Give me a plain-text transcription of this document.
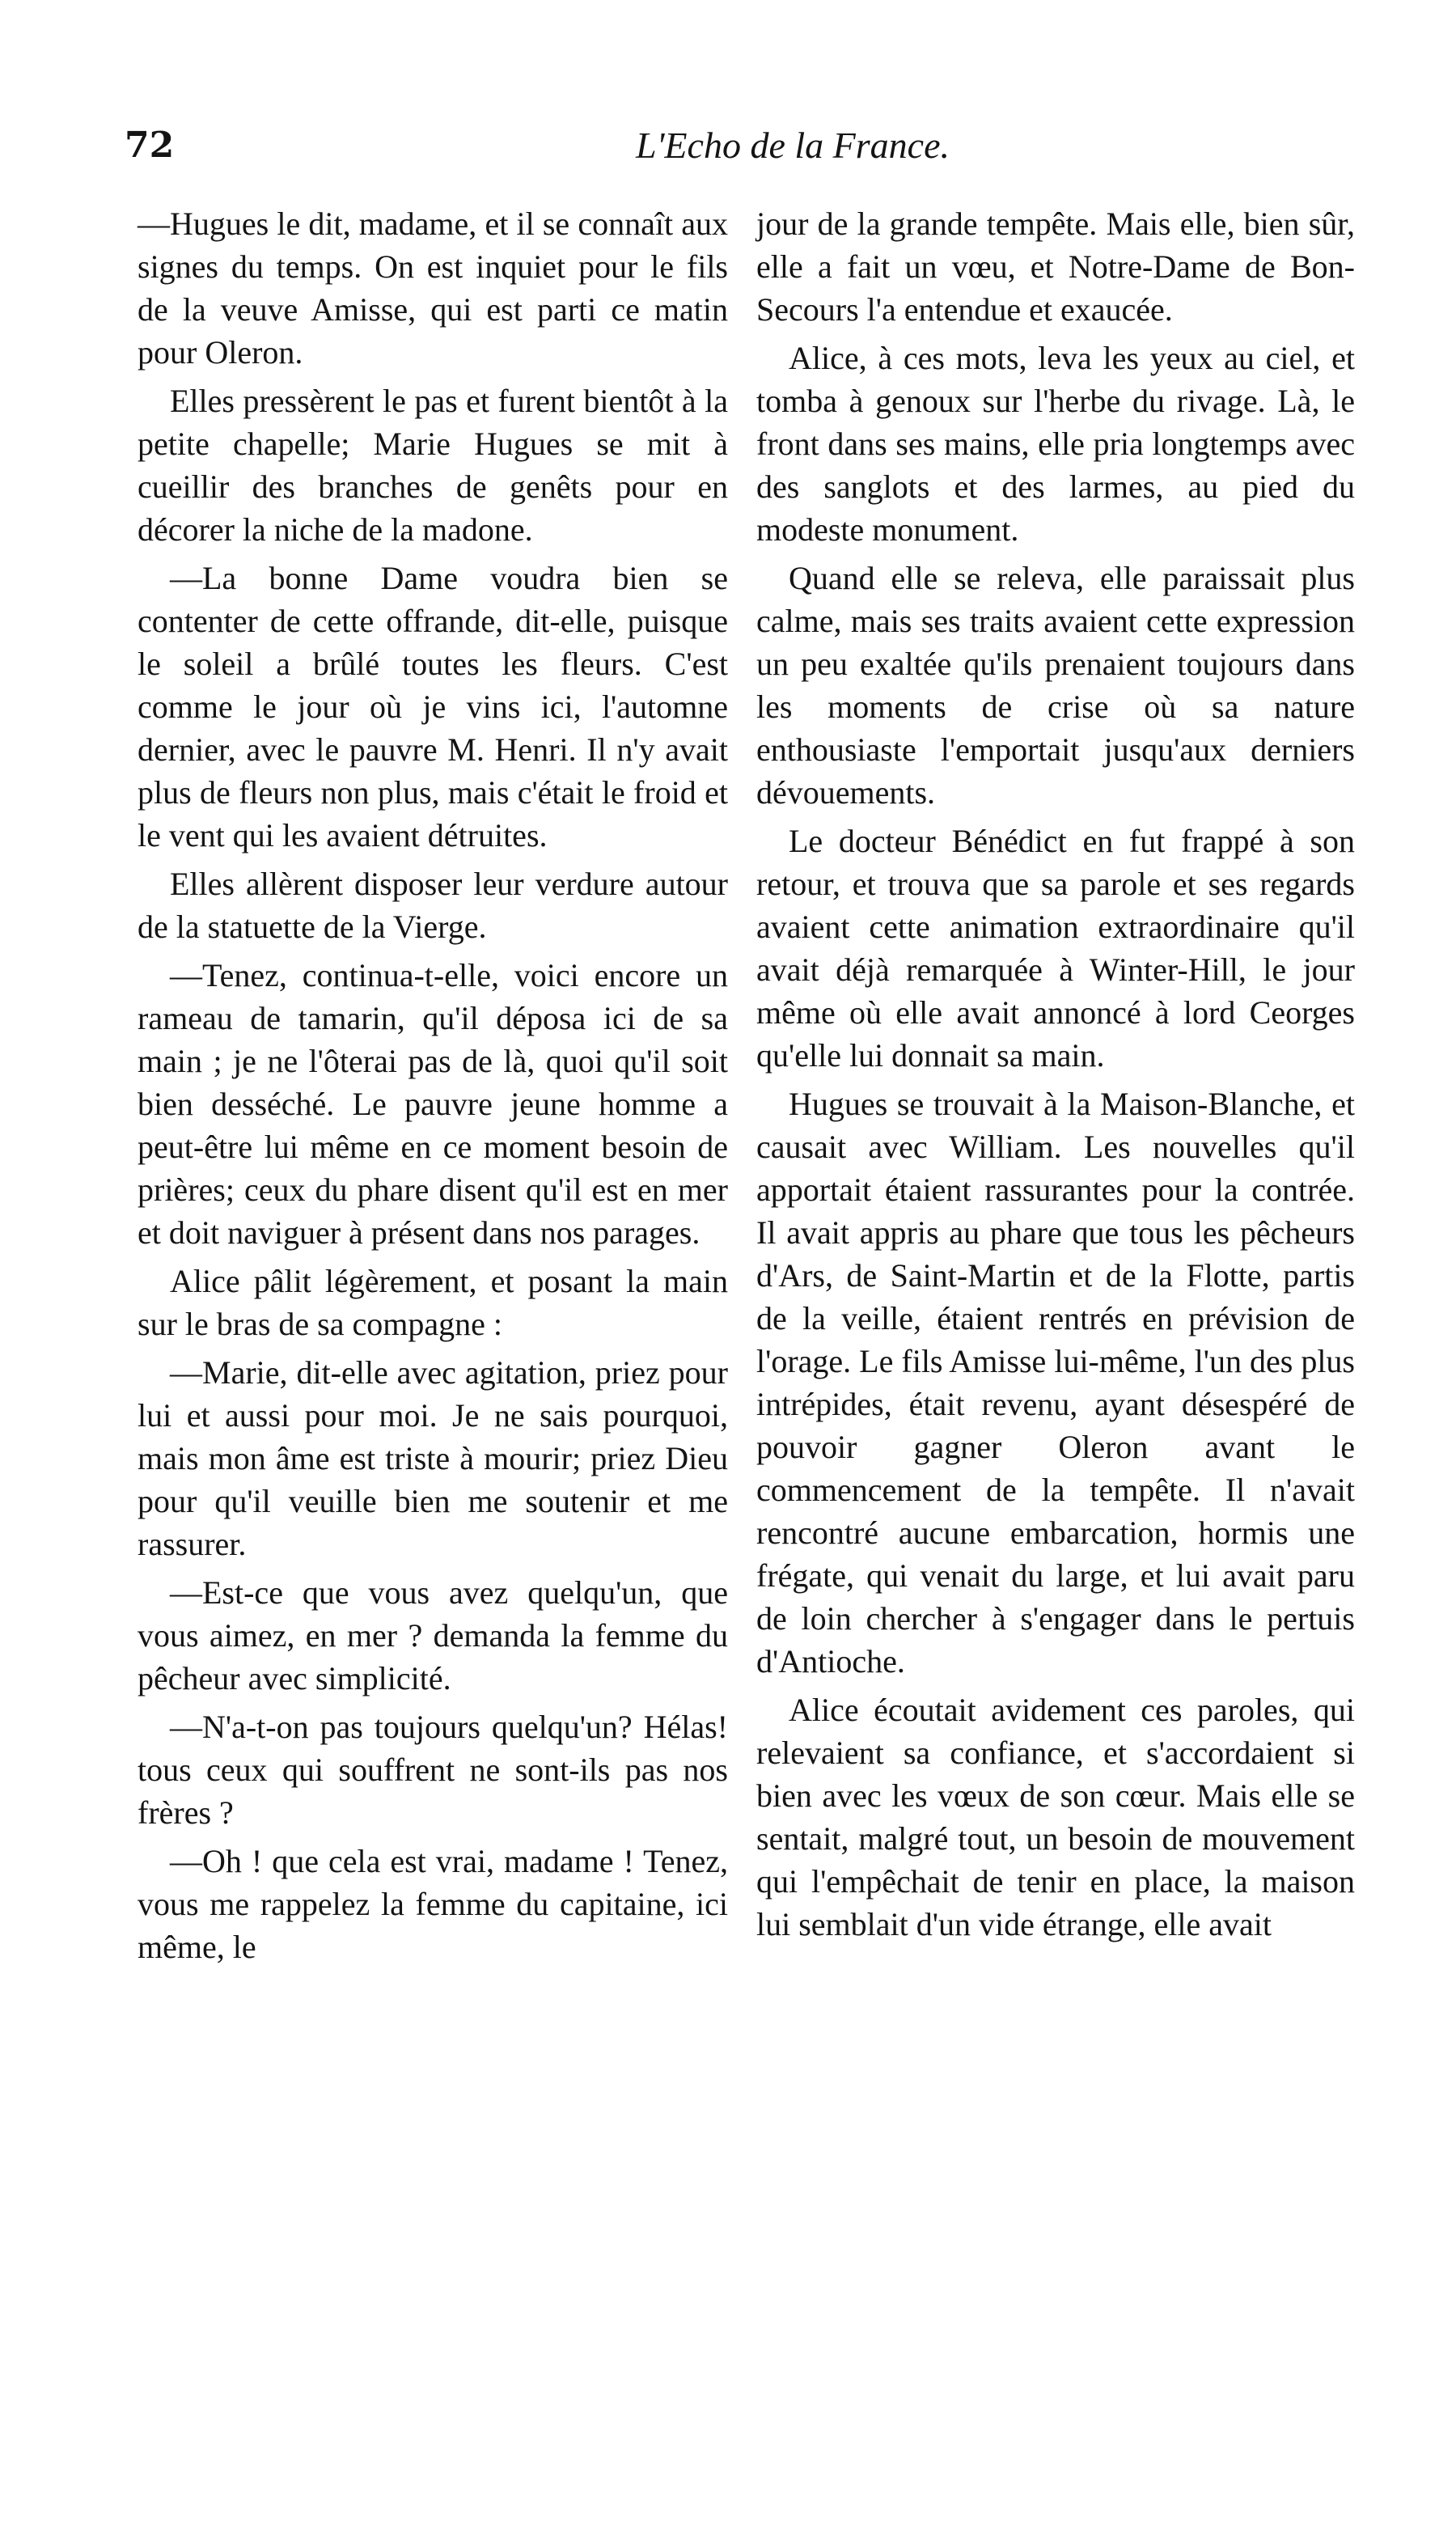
72	L'Echo de la France.

—Hugues le dit, madame, et il se connaît aux signes du temps. On est inquiet pour le fils de la veuve Amisse, qui est parti ce matin pour Oleron.

Elles pressèrent le pas et furent bientôt à la petite chapelle; Marie Hugues se mit à cueillir des branches de genêts pour en décorer la niche de la madone.

—La bonne Dame voudra bien se contenter de cette offrande, dit-elle, puisque le soleil a brûlé toutes les fleurs. C'est comme le jour où je vins ici, l'automne dernier, avec le pauvre M. Henri. Il n'y avait plus de fleurs non plus, mais c'était le froid et le vent qui les avaient détruites.

Elles allèrent disposer leur verdure autour de la statuette de la Vierge.

—Tenez, continua-t-elle, voici encore un rameau de tamarin, qu'il déposa ici de sa main ; je ne l'ôterai pas de là, quoi qu'il soit bien desséché. Le pauvre jeune homme a peut-être lui même en ce moment besoin de prières; ceux du phare disent qu'il est en mer et doit naviguer à présent dans nos parages.

Alice pâlit légèrement, et posant la main sur le bras de sa compagne :

—Marie, dit-elle avec agitation, priez pour lui et aussi pour moi. Je ne sais pourquoi, mais mon âme est triste à mourir; priez Dieu pour qu'il veuille bien me soutenir et me rassurer.

—Est-ce que vous avez quelqu'un, que vous aimez, en mer ? demanda la femme du pêcheur avec simplicité.

—N'a-t-on pas toujours quelqu'un? Hélas! tous ceux qui souffrent ne sont-ils pas nos frères ?

—Oh ! que cela est vrai, madame ! Tenez, vous me rappelez la femme du capitaine, ici même, le

jour de la grande tempête. Mais elle, bien sûr, elle a fait un vœu, et Notre-Dame de Bon-Secours l'a entendue et exaucée.

Alice, à ces mots, leva les yeux au ciel, et tomba à genoux sur l'herbe du rivage. Là, le front dans ses mains, elle pria longtemps avec des sanglots et des larmes, au pied du modeste monument.

Quand elle se releva, elle paraissait plus calme, mais ses traits avaient cette expression un peu exaltée qu'ils prenaient toujours dans les moments de crise où sa nature enthousiaste l'emportait jusqu'aux derniers dévouements.

Le docteur Bénédict en fut frappé à son retour, et trouva que sa parole et ses regards avaient cette animation extraordinaire qu'il avait déjà remarquée à Winter-Hill, le jour même où elle avait annoncé à lord Ceorges qu'elle lui donnait sa main.

Hugues se trouvait à la Maison-Blanche, et causait avec William. Les nouvelles qu'il apportait étaient rassurantes pour la contrée. Il avait appris au phare que tous les pêcheurs d'Ars, de Saint-Martin et de la Flotte, partis de la veille, étaient rentrés en prévision de l'orage. Le fils Amisse lui-même, l'un des plus intrépides, était revenu, ayant désespéré de pouvoir gagner Oleron avant le commencement de la tempête. Il n'avait rencontré aucune embarcation, hormis une frégate, qui venait du large, et lui avait paru de loin chercher à s'engager dans le pertuis d'Antioche.

Alice écoutait avidement ces paroles, qui relevaient sa confiance, et s'accordaient si bien avec les vœux de son cœur. Mais elle se sentait, malgré tout, un besoin de mouvement qui l'empêchait de tenir en place, la maison lui semblait d'un vide étrange, elle avait
